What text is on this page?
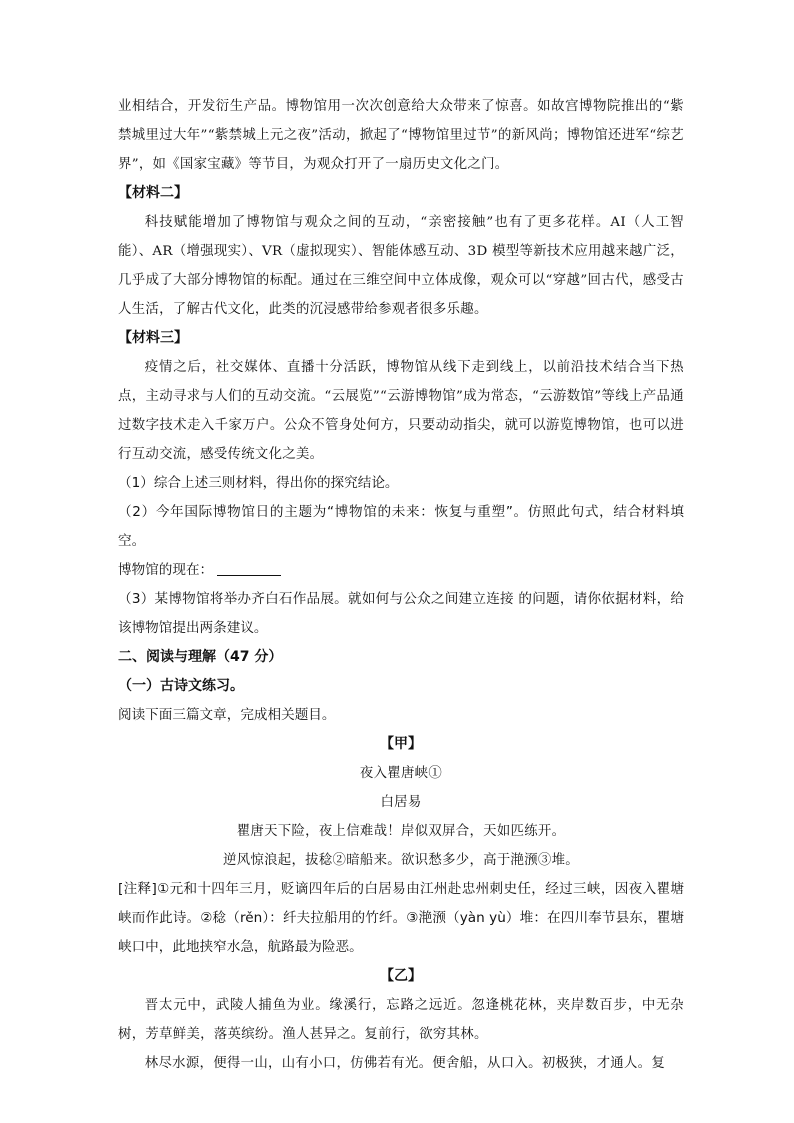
业相结合，开发衍生产品。博物馆用一次次创意给大众带来了惊喜。如故宫博物院推出的“紫禁城里过大年”“紫禁城上元之夜”活动，掀起了“博物馆里过节”的新风尚；博物馆还进军“综艺界”，如《国家宝藏》等节目，为观众打开了一扇历史文化之门。

【材料二】

科技赋能增加了博物馆与观众之间的互动，“亲密接触”也有了更多花样。AI（人工智能）、AR（增强现实）、VR（虚拟现实）、智能体感互动、3D 模型等新技术应用越来越广泛，几乎成了大部分博物馆的标配。通过在三维空间中立体成像，观众可以“穿越”回古代，感受古人生活，了解古代文化，此类的沉浸感带给参观者很多乐趣。

【材料三】

疫情之后，社交媒体、直播十分活跃，博物馆从线下走到线上，以前沿技术结合当下热点，主动寻求与人们的互动交流。“云展览”“云游博物馆”成为常态，“云游数馆”等线上产品通过数字技术走入千家万户。公众不管身处何方，只要动动指尖，就可以游览博物馆，也可以进行互动交流，感受传统文化之美。

（1）综合上述三则材料，得出你的探究结论。

（2）今年国际博物馆日的主题为“博物馆的未来：恢复与重塑”。仿照此句式，结合材料填空。

博物馆的现在：

（3）某博物馆将举办齐白石作品展。就如何与公众之间建立连接 的问题，请你依据材料，给该博物馆提出两条建议。

二、阅读与理解（47 分）

（一）古诗文练习。

阅读下面三篇文章，完成相关题目。

【甲】

夜入瞿唐峡①

白居易

瞿唐天下险，夜上信难哉！岸似双屏合，天如匹练开。

逆风惊浪起，拔稔②暗船来。欲识愁多少，高于滟滪③堆。

[注释]①元和十四年三月，贬谪四年后的白居易由江州赴忠州刺史任，经过三峡，因夜入瞿塘峡而作此诗。②稔（rěn）：纤夫拉船用的竹纤。③滟滪（yàn yù）堆：在四川奉节县东，瞿塘峡口中，此地挟窄水急，航路最为险恶。

【乙】

晋太元中，武陵人捕鱼为业。缘溪行，忘路之远近。忽逢桃花林，夹岸数百步，中无杂树，芳草鲜美，落英缤纷。渔人甚异之。复前行，欲穷其林。

林尽水源，便得一山，山有小口，仿佛若有光。便舍船，从口入。初极狭，才通人。复
